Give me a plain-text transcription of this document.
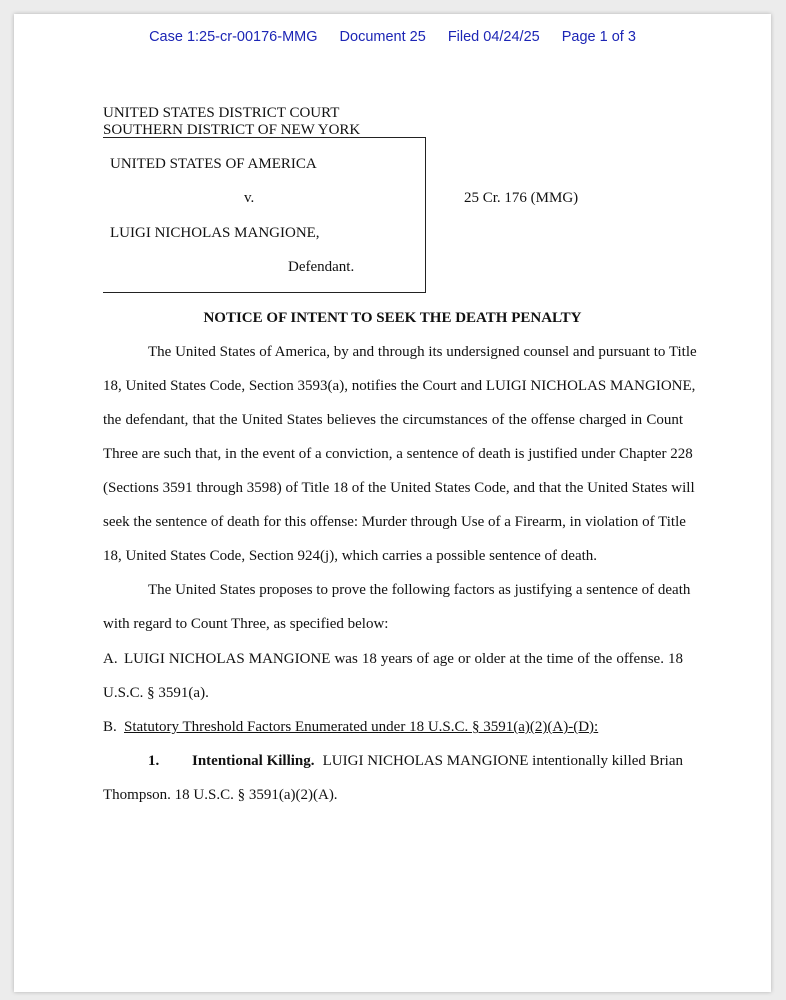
Case 1:25-cr-00176-MMG Document 25 Filed 04/24/25 Page 1 of 3
UNITED STATES DISTRICT COURT
SOUTHERN DISTRICT OF NEW YORK
UNITED STATES OF AMERICA
v.
LUIGI NICHOLAS MANGIONE,
Defendant.
25 Cr. 176 (MMG)
NOTICE OF INTENT TO SEEK THE DEATH PENALTY
The United States of America, by and through its undersigned counsel and pursuant to Title
18, United States Code, Section 3593(a), notifies the Court and LUIGI NICHOLAS MANGIONE,
the defendant, that the United States believes the circumstances of the offense charged in Count
Three are such that, in the event of a conviction, a sentence of death is justified under Chapter 228
(Sections 3591 through 3598) of Title 18 of the United States Code, and that the United States will
seek the sentence of death for this offense: Murder through Use of a Firearm, in violation of Title
18, United States Code, Section 924(j), which carries a possible sentence of death.
The United States proposes to prove the following factors as justifying a sentence of death
with regard to Count Three, as specified below:
A. LUIGI NICHOLAS MANGIONE was 18 years of age or older at the time of the offense. 18
U.S.C. § 3591(a).
B. Statutory Threshold Factors Enumerated under 18 U.S.C. § 3591(a)(2)(A)-(D):
1. Intentional Killing. LUIGI NICHOLAS MANGIONE intentionally killed Brian
Thompson. 18 U.S.C. § 3591(a)(2)(A).
